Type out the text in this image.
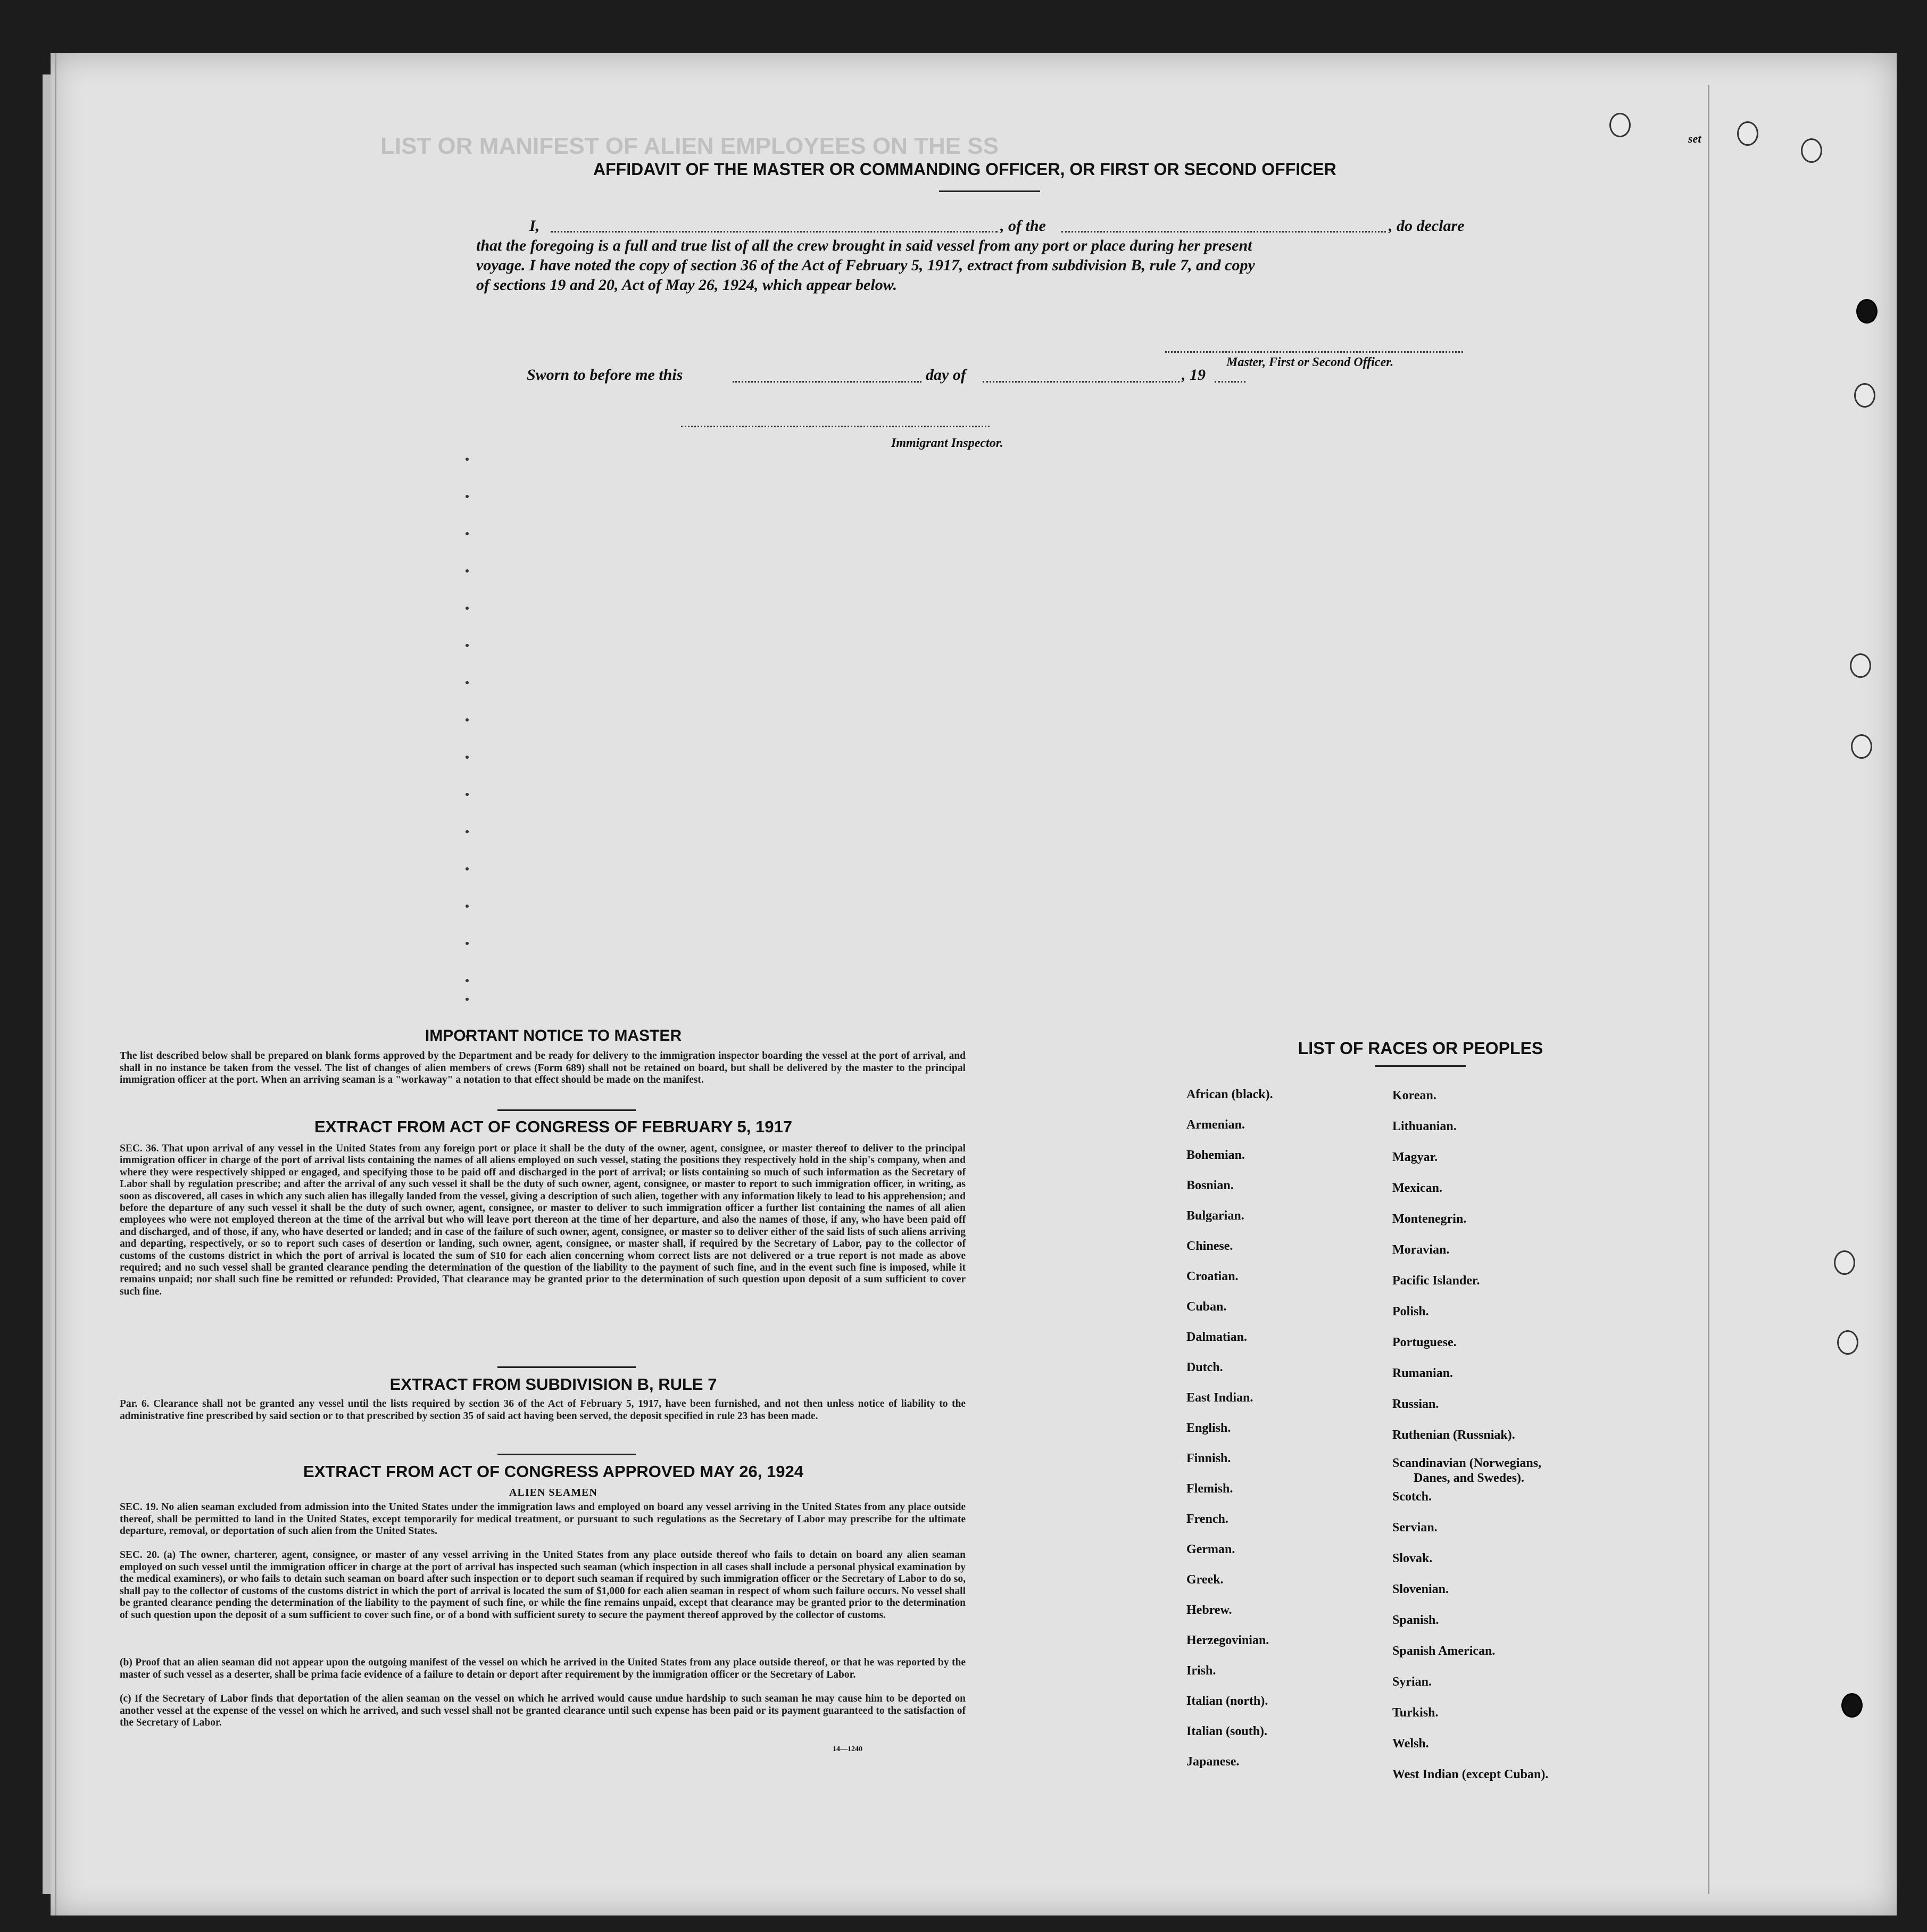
LIST OR MANIFEST OF ALIEN EMPLOYEES ON THE SS	set
AFFIDAVIT OF THE MASTER OR COMMANDING OFFICER, OR FIRST OR SECOND OFFICER
I,	, of the	, do declare
that the foregoing is a full and true list of all the crew brought in said vessel from any port or place during her present
voyage. I have noted the copy of section 36 of the Act of February 5, 1917, extract from subdivision B, rule 7, and copy
of sections 19 and 20, Act of May 26, 1924, which appear below.
Master, First or Second Officer.
Sworn to before me this	day of	, 19
Immigrant Inspector.
IMPORTANT NOTICE TO MASTER
The list described below shall be prepared on blank forms approved by the Department and be ready for delivery to the immigration inspector boarding the vessel at the port of arrival, and shall in no instance be taken from the vessel. The list of changes of alien members of crews (Form 689) shall not be retained on board, but shall be delivered by the master to the principal immigration officer at the port. When an arriving seaman is a "workaway" a notation to that effect should be made on the manifest.
EXTRACT FROM ACT OF CONGRESS OF FEBRUARY 5, 1917
SEC. 36. That upon arrival of any vessel in the United States from any foreign port or place it shall be the duty of the owner, agent, consignee, or master thereof to deliver to the principal immigration officer in charge of the port of arrival lists containing the names of all aliens employed on such vessel, stating the positions they respectively hold in the ship's company, when and where they were respectively shipped or engaged, and specifying those to be paid off and discharged in the port of arrival; or lists containing so much of such information as the Secretary of Labor shall by regulation prescribe; and after the arrival of any such vessel it shall be the duty of such owner, agent, consignee, or master to report to such immigration officer, in writing, as soon as discovered, all cases in which any such alien has illegally landed from the vessel, giving a description of such alien, together with any information likely to lead to his apprehension; and before the departure of any such vessel it shall be the duty of such owner, agent, consignee, or master to deliver to such immigration officer a further list containing the names of all alien employees who were not employed thereon at the time of the arrival but who will leave port thereon at the time of her departure, and also the names of those, if any, who have been paid off and discharged, and of those, if any, who have deserted or landed; and in case of the failure of such owner, agent, consignee, or master so to deliver either of the said lists of such aliens arriving and departing, respectively, or so to report such cases of desertion or landing, such owner, agent, consignee, or master shall, if required by the Secretary of Labor, pay to the collector of customs of the customs district in which the port of arrival is located the sum of $10 for each alien concerning whom correct lists are not delivered or a true report is not made as above required; and no such vessel shall be granted clearance pending the determination of the question of the liability to the payment of such fine, and in the event such fine is imposed, while it remains unpaid; nor shall such fine be remitted or refunded: Provided, That clearance may be granted prior to the determination of such question upon deposit of a sum sufficient to cover such fine.
EXTRACT FROM SUBDIVISION B, RULE 7
Par. 6. Clearance shall not be granted any vessel until the lists required by section 36 of the Act of February 5, 1917, have been furnished, and not then unless notice of liability to the administrative fine prescribed by said section or to that prescribed by section 35 of said act having been served, the deposit specified in rule 23 has been made.
EXTRACT FROM ACT OF CONGRESS APPROVED MAY 26, 1924
ALIEN SEAMEN
SEC. 19. No alien seaman excluded from admission into the United States under the immigration laws and employed on board any vessel arriving in the United States from any place outside thereof, shall be permitted to land in the United States, except temporarily for medical treatment, or pursuant to such regulations as the Secretary of Labor may prescribe for the ultimate departure, removal, or deportation of such alien from the United States.
SEC. 20. (a) The owner, charterer, agent, consignee, or master of any vessel arriving in the United States from any place outside thereof who fails to detain on board any alien seaman employed on such vessel until the immigration officer in charge at the port of arrival has inspected such seaman (which inspection in all cases shall include a personal physical examination by the medical examiners), or who fails to detain such seaman on board after such inspection or to deport such seaman if required by such immigration officer or the Secretary of Labor to do so, shall pay to the collector of customs of the customs district in which the port of arrival is located the sum of $1,000 for each alien seaman in respect of whom such failure occurs. No vessel shall be granted clearance pending the determination of the liability to the payment of such fine, or while the fine remains unpaid, except that clearance may be granted prior to the determination of such question upon the deposit of a sum sufficient to cover such fine, or of a bond with sufficient surety to secure the payment thereof approved by the collector of customs.
(b) Proof that an alien seaman did not appear upon the outgoing manifest of the vessel on which he arrived in the United States from any place outside thereof, or that he was reported by the master of such vessel as a deserter, shall be prima facie evidence of a failure to detain or deport after requirement by the immigration officer or the Secretary of Labor.
(c) If the Secretary of Labor finds that deportation of the alien seaman on the vessel on which he arrived would cause undue hardship to such seaman he may cause him to be deported on another vessel at the expense of the vessel on which he arrived, and such vessel shall not be granted clearance until such expense has been paid or its payment guaranteed to the satisfaction of the Secretary of Labor.
14—1240
LIST OF RACES OR PEOPLES
African (black).
Armenian.
Bohemian.
Bosnian.
Bulgarian.
Chinese.
Croatian.
Cuban.
Dalmatian.
Dutch.
East Indian.
English.
Finnish.
Flemish.
French.
German.
Greek.
Hebrew.
Herzegovinian.
Irish.
Italian (north).
Italian (south).
Japanese.
Korean.
Lithuanian.
Magyar.
Mexican.
Montenegrin.
Moravian.
Pacific Islander.
Polish.
Portuguese.
Rumanian.
Russian.
Ruthenian (Russniak).
Scandinavian (Norwegians,
Danes, and Swedes).
Scotch.
Servian.
Slovak.
Slovenian.
Spanish.
Spanish American.
Syrian.
Turkish.
Welsh.
West Indian (except Cuban).
